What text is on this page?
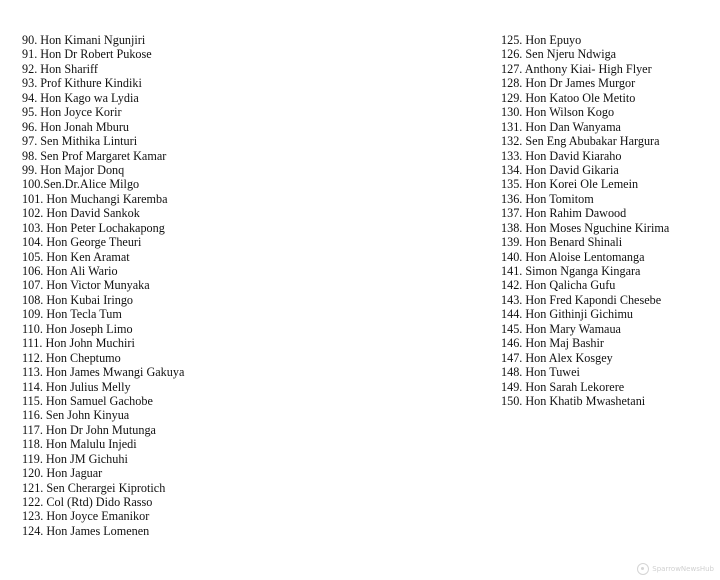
90. Hon Kimani Ngunjiri
91. Hon Dr Robert Pukose
92. Hon Shariff
93. Prof Kithure Kindiki
94. Hon Kago wa Lydia
95. Hon Joyce Korir
96. Hon Jonah Mburu
97. Sen Mithika Linturi
98. Sen Prof Margaret Kamar
99. Hon Major Donq
100.Sen.Dr.Alice Milgo
101. Hon Muchangi Karemba
102. Hon David Sankok
103. Hon Peter Lochakapong
104. Hon George Theuri
105. Hon Ken Aramat
106. Hon Ali Wario
107. Hon Victor Munyaka
108. Hon Kubai Iringo
109. Hon Tecla Tum
110. Hon Joseph Limo
111. Hon John Muchiri
112. Hon Cheptumo
113. Hon James Mwangi Gakuya
114. Hon Julius Melly
115. Hon Samuel Gachobe
116. Sen John Kinyua
117. Hon Dr John Mutunga
118. Hon Malulu Injedi
119. Hon JM Gichuhi
120. Hon Jaguar
121. Sen Cherargei Kiprotich
122. Col (Rtd) Dido Rasso
123. Hon Joyce Emanikor
124. Hon James Lomenen
125. Hon Epuyo
126. Sen Njeru Ndwiga
127. Anthony Kiai- High Flyer
128. Hon Dr James Murgor
129. Hon Katoo Ole Metito
130. Hon Wilson Kogo
131. Hon Dan Wanyama
132. Sen Eng Abubakar Hargura
133. Hon David Kiaraho
134. Hon David Gikaria
135. Hon Korei Ole Lemein
136. Hon Tomitom
137. Hon Rahim Dawood
138. Hon Moses Nguchine Kirima
139. Hon Benard Shinali
140. Hon Aloise Lentomanga
141. Simon Nganga Kingara
142. Hon Qalicha Gufu
143. Hon Fred Kapondi Chesebe
144. Hon Githinji Gichimu
145. Hon Mary Wamaua
146. Hon Maj Bashir
147. Hon Alex Kosgey
148. Hon Tuwei
149. Hon Sarah Lekorere
150. Hon Khatib Mwashetani
SparrowNewsHub
